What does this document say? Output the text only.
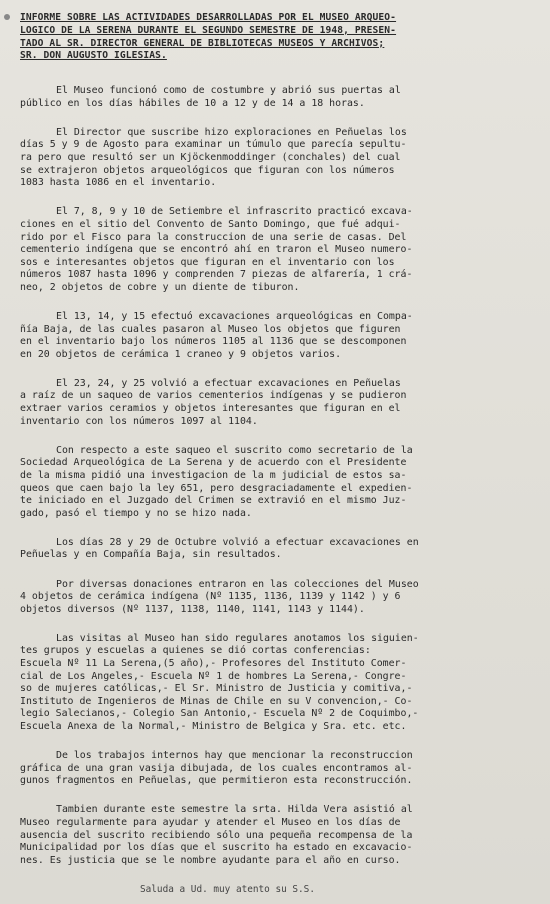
INFORME SOBRE LAS ACTIVIDADES DESARROLLADAS POR EL MUSEO ARQUEO-
LOGICO DE LA SERENA DURANTE EL SEGUNDO SEMESTRE DE 1948, PRESEN-
TADO AL SR. DIRECTOR GENERAL DE BIBLIOTECAS MUSEOS Y ARCHIVOS;
SR. DON AUGUSTO IGLESIAS.
El Museo funcionó como de costumbre y abrió sus puertas al
público en los días hábiles de 10 a 12 y de 14 a 18 horas.
El Director que suscribe hizo exploraciones en Peñuelas los
días 5 y 9 de Agosto para examinar un túmulo que parecía sepultu-
ra pero que resultó ser un Kjöckenmoddinger (conchales) del cual
se extrajeron objetos arqueológicos que figuran con los números
1083 hasta 1086 en el inventario.
El 7, 8, 9 y 10 de Setiembre el infrascrito practicó excava-
ciones en el sitio del Convento de Santo Domingo, que fué adqui-
rido por el Fisco para la construccion de una serie de casas. Del
cementerio indígena que se encontró ahí en traron el Museo numero-
sos e interesantes objetos que figuran en el inventario con los
números 1087 hasta 1096 y comprenden 7 piezas de alfarería, 1 crá-
neo, 2 objetos de cobre y un diente de tiburon.
El 13, 14, y 15 efectuó excavaciones arqueológicas en Compa-
ñía Baja, de las cuales pasaron al Museo los objetos que figuren
en el inventario bajo los números 1105 al 1136 que se descomponen
en 20 objetos de cerámica 1 craneo y 9 objetos varios.
El 23, 24, y 25 volvió a efectuar excavaciones en Peñuelas
a raíz de un saqueo de varios cementerios indígenas y se pudieron
extraer varios ceramios y objetos interesantes que figuran en el
inventario con los números 1097 al 1104.
Con respecto a este saqueo el suscrito como secretario de la
Sociedad Arqueológica de La Serena y de acuerdo con el Presidente
de la misma pidió una investigacion de la m judicial de estos sa-
queos que caen bajo la ley 651, pero desgraciadamente el expedien-
te iniciado en el Juzgado del Crimen se extravió en el mismo Juz-
gado, pasó el tiempo y no se hizo nada.
Los días 28 y 29 de Octubre volvió a efectuar excavaciones en
Peñuelas y en Compañía Baja, sin resultados.
Por diversas donaciones entraron en las colecciones del Museo
4 objetos de cerámica indígena (Nº 1135, 1136, 1139 y 1142 ) y 6
objetos diversos (Nº 1137, 1138, 1140, 1141, 1143 y 1144).
Las visitas al Museo han sido regulares anotamos los siguien-
tes grupos y escuelas a quienes se dió cortas conferencias:
Escuela Nº 11 La Serena,(5 año),- Profesores del Instituto Comer-
cial de Los Angeles,- Escuela Nº 1 de hombres La Serena,- Congre-
so de mujeres católicas,- El Sr. Ministro de Justicia y comitiva,-
Instituto de Ingenieros de Minas de Chile en su V convencion,- Co-
legio Salecianos,- Colegio San Antonio,- Escuela Nº 2 de Coquimbo,-
Escuela Anexa de la Normal,- Ministro de Belgica y Sra. etc. etc.
De los trabajos internos hay que mencionar la reconstruccion
gráfica de una gran vasija dibujada, de los cuales encontramos al-
gunos fragmentos en Peñuelas, que permitieron esta reconstrucción.
Tambien durante este semestre la srta. Hilda Vera asistió al
Museo regularmente para ayudar y atender el Museo en los días de
ausencia del suscrito recibiendo sólo una pequeña recompensa de la
Municipalidad por los días que el suscrito ha estado en excavacio-
nes. Es justicia que se le nombre ayudante para el año en curso.
Saluda a Ud. muy atento su S.S.
